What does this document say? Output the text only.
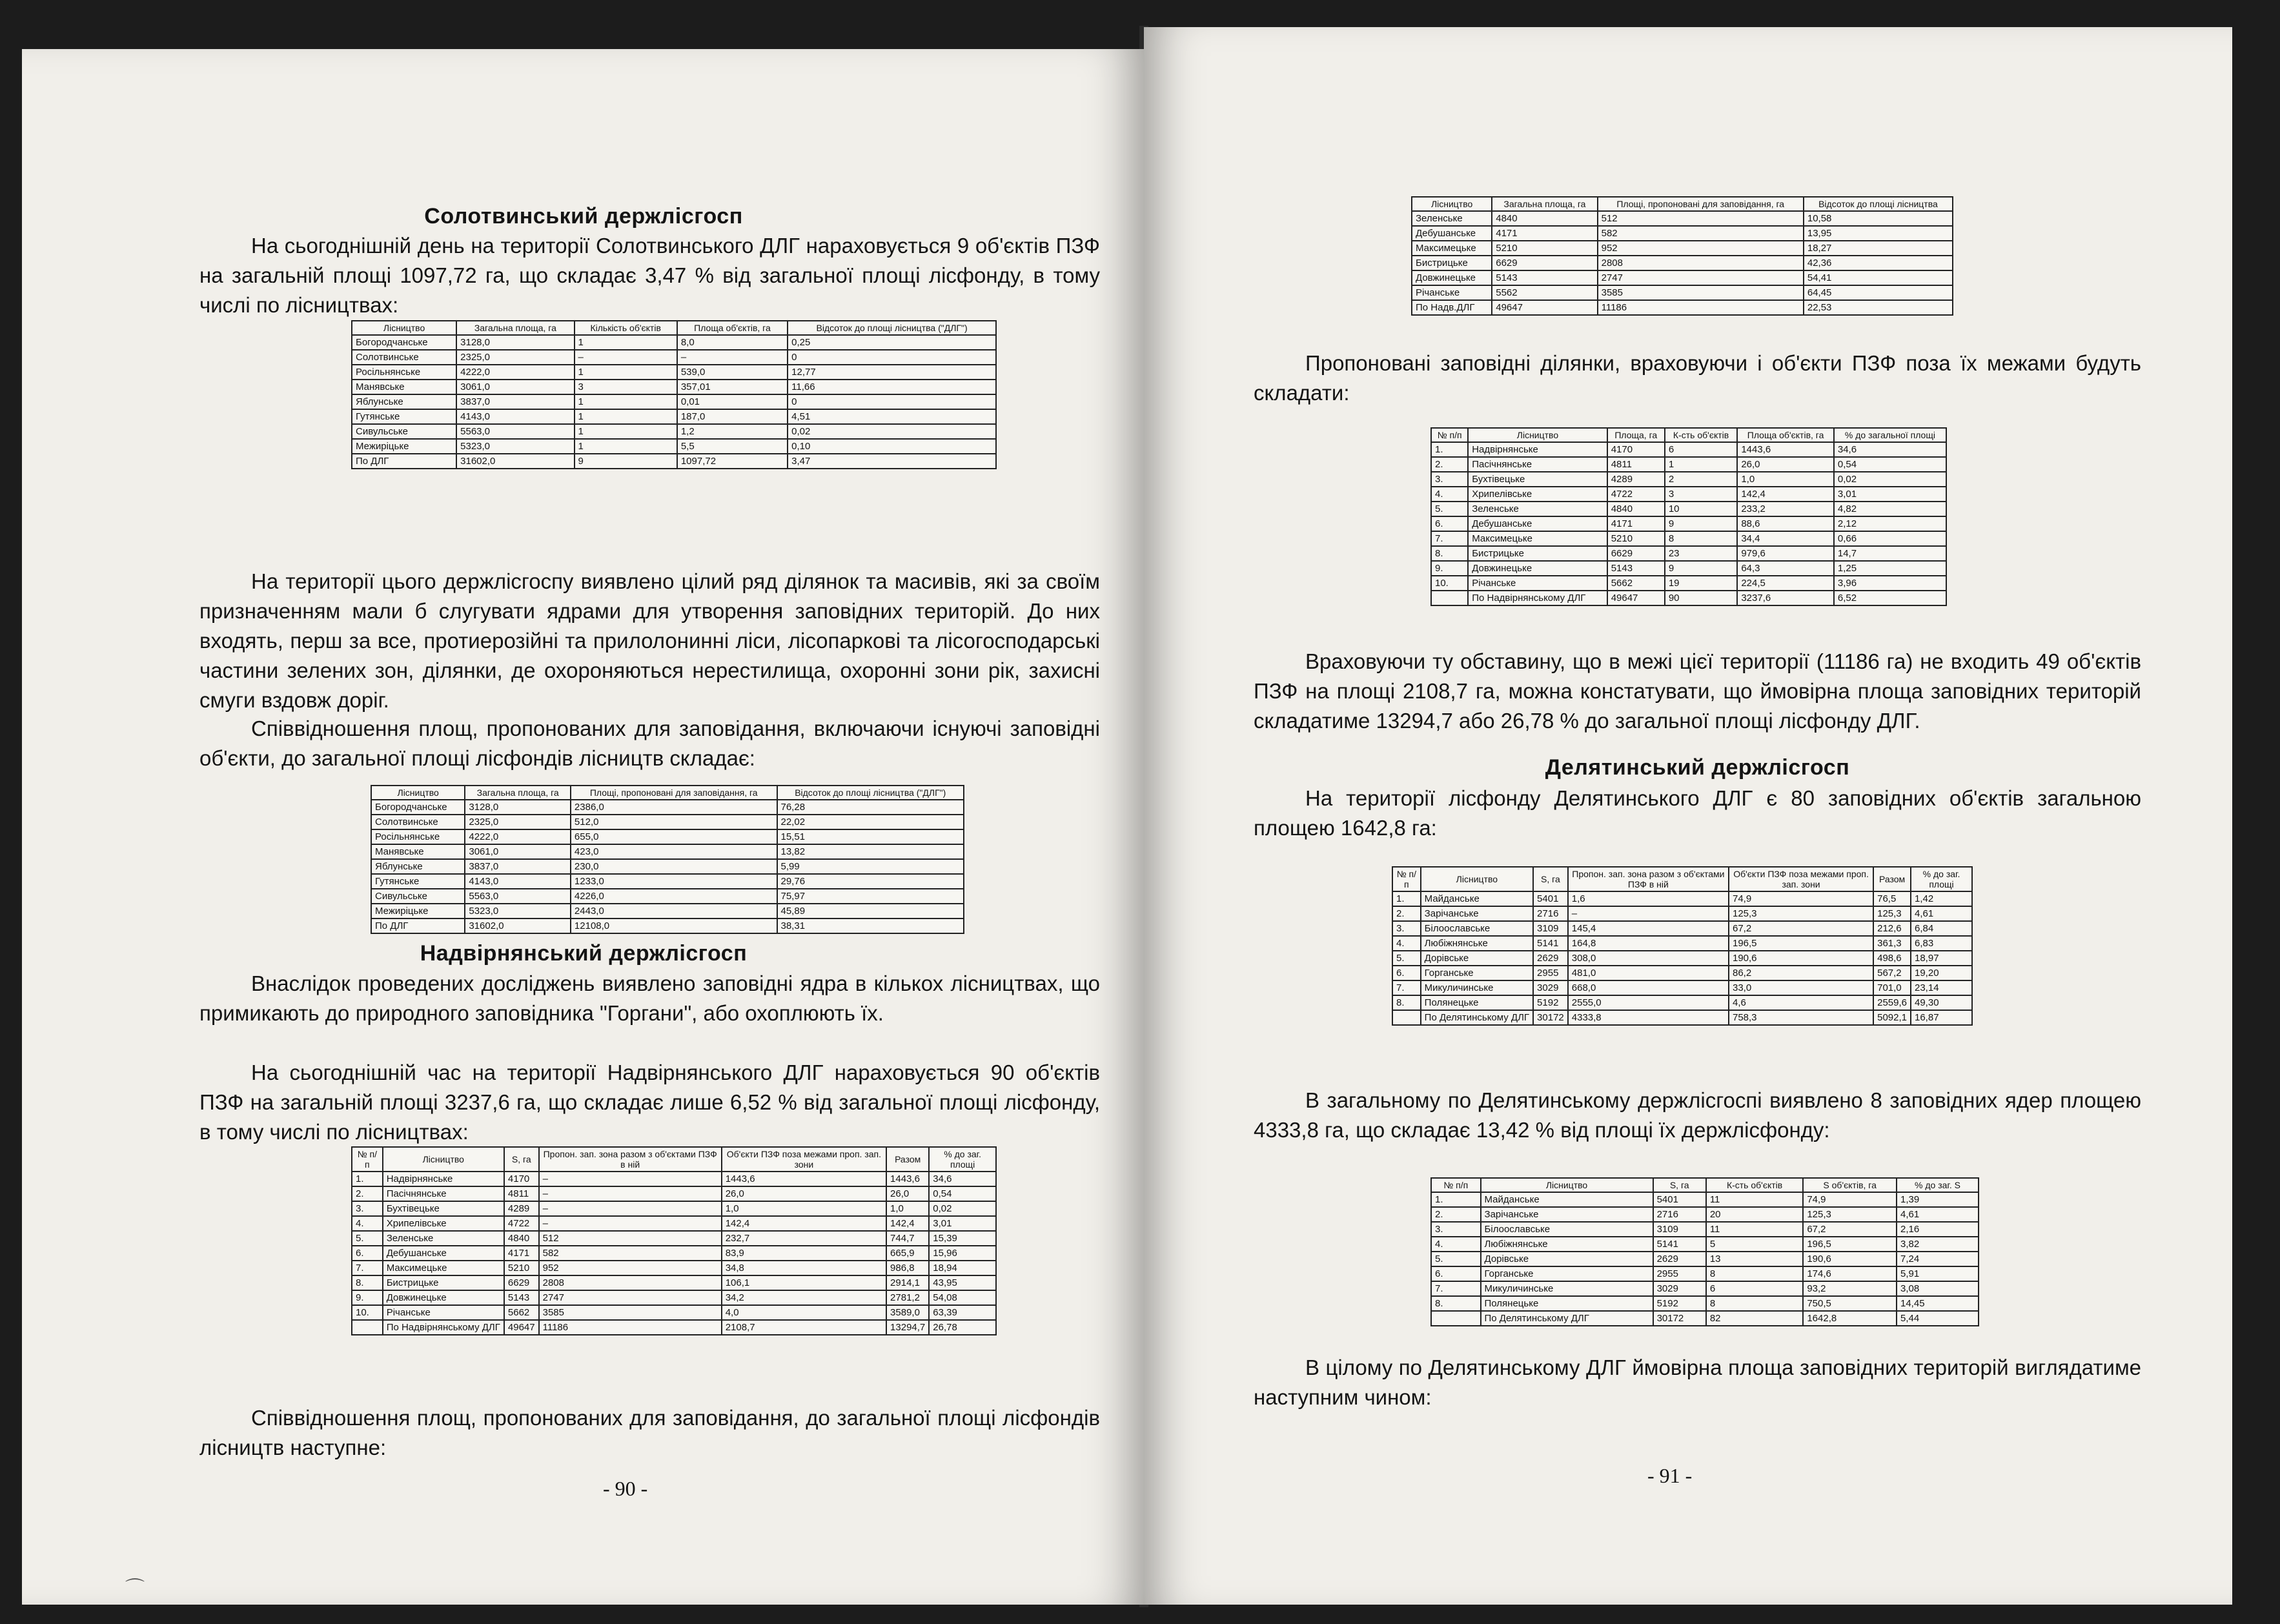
Солотвинський держлісгосп

На сьогоднішній день на території Солотвинського ДЛГ нараховується 9 об'єктів ПЗФ на загальній площі 1097,72 га, що складає 3,47 % від загальної площі лісфонду, в тому числі по лісництвах:

Лісництво	Загальна площа, га	Кількість об'єктів	Площа об'єктів, га	Відсоток до площі лісництва ("ДЛГ")
Богородчанське	3128,0	1	8,0	0,25
Солотвинське	2325,0	–	–	0
Росільнянське	4222,0	1	539,0	12,77
Манявське	3061,0	3	357,01	11,66
Яблунське	3837,0	1	0,01	0
Гутянське	4143,0	1	187,0	4,51
Сивульське	5563,0	1	1,2	0,02
Межирiцьке	5323,0	1	5,5	0,10
По ДЛГ	31602,0	9	1097,72	3,47

На території цього держлісгоспу виявлено цілий ряд ділянок та масивів, які за своїм призначенням мали б слугувати ядрами для утворення заповідних територій. До них входять, перш за все, протиерозійні та прилолонинні ліси, лісопаркові та лісогосподарські частини зелених зон, ділянки, де охороняються нерестилища, охоронні зони рік, захисні смуги вздовж доріг.

Співвідношення площ, пропонованих для заповідання, включаючи існуючі заповідні об'єкти, до загальної площі лісфондів лісництв складає:

Лісництво	Загальна площа, га	Площі, пропоновані для заповідання, га	Відсоток до площі лісництва ("ДЛГ")
Богородчанське	3128,0	2386,0	76,28
Солотвинське	2325,0	512,0	22,02
Росільнянське	4222,0	655,0	15,51
Манявське	3061,0	423,0	13,82
Яблунське	3837,0	230,0	5,99
Гутянське	4143,0	1233,0	29,76
Сивульське	5563,0	4226,0	75,97
Межирiцьке	5323,0	2443,0	45,89
По ДЛГ	31602,0	12108,0	38,31
Надвірнянський держлісгосп

Внаслідок проведених досліджень виявлено заповідні ядра в кількох лісництвах, що примикають до природного заповідника "Горгани", або охоплюють їх.

На сьогоднішній час на території Надвірнянського ДЛГ нараховується 90 об'єктів ПЗФ на загальній площі 3237,6 га, що складає лише 6,52 % від загальної площі лісфонду, в тому числі по лісництвах:

№ п/п	Лісництво	S, га	Пропон. зап. зона разом з об'єктами ПЗФ в ній	Об'єкти ПЗФ поза межами проп. зап. зони	Разом	% до заг. площі
1.	Надвірнянське	4170	–	1443,6	1443,6	34,6
2.	Пасічнянське	4811	–	26,0	26,0	0,54
3.	Бухтівецьке	4289	–	1,0	1,0	0,02
4.	Хрипелівське	4722	–	142,4	142,4	3,01
5.	Зеленське	4840	512	232,7	744,7	15,39
6.	Дебушанське	4171	582	83,9	665,9	15,96
7.	Максимецьке	5210	952	34,8	986,8	18,94
8.	Бистрицьке	6629	2808	106,1	2914,1	43,95
9.	Довжинецьке	5143	2747	34,2	2781,2	54,08
10.	Річанське	5662	3585	4,0	3589,0	63,39
	По Надвірнянському ДЛГ	49647	11186	2108,7	13294,7	26,78

Співвідношення площ, пропонованих для заповідання, до загальної площі лісфондів лісництв наступне:

- 90 -
⌒
Лісництво	Загальна площа, га	Площі, пропоновані для заповідання, га	Відсоток до площі лісництва
Зеленське	4840	512	10,58
Дебушанське	4171	582	13,95
Максимецьке	5210	952	18,27
Бистрицьке	6629	2808	42,36
Довжинецьке	5143	2747	54,41
Річанське	5562	3585	64,45
По Надв.ДЛГ	49647	11186	22,53

Пропоновані заповідні ділянки, враховуючи і об'єкти ПЗФ поза їх межами будуть складати:

№ п/п	Лісництво	Площа, га	К-сть об'єктів	Площа об'єктів, га	% до загальної площі
1.	Надвірнянське	4170	6	1443,6	34,6
2.	Пасічнянське	4811	1	26,0	0,54
3.	Бухтівецьке	4289	2	1,0	0,02
4.	Хрипелівське	4722	3	142,4	3,01
5.	Зеленське	4840	10	233,2	4,82
6.	Дебушанське	4171	9	88,6	2,12
7.	Максимецьке	5210	8	34,4	0,66
8.	Бистрицьке	6629	23	979,6	14,7
9.	Довжинецьке	5143	9	64,3	1,25
10.	Річанське	5662	19	224,5	3,96
	По Надвірнянському ДЛГ	49647	90	3237,6	6,52

Враховуючи ту обставину, що в межі цієї території (11186 га) не входить 49 об'єктів ПЗФ на площі 2108,7 га, можна констатувати, що ймовірна площа заповідних територій складатиме 13294,7 або 26,78 % до загальної площі лісфонду ДЛГ.

Делятинський держлісгосп

На території лісфонду Делятинського ДЛГ є 80 заповідних об'єктів загальною площею 1642,8 га:

№ п/п	Лісництво	S, га	Пропон. зап. зона разом з об'єктами ПЗФ в ній	Об'єкти ПЗФ поза межами проп. зап. зони	Разом	% до заг. площі
1.	Майданське	5401	1,6	74,9	76,5	1,42
2.	Зарічанське	2716	–	125,3	125,3	4,61
3.	Білоославське	3109	145,4	67,2	212,6	6,84
4.	Любіжнянське	5141	164,8	196,5	361,3	6,83
5.	Дорівське	2629	308,0	190,6	498,6	18,97
6.	Горганське	2955	481,0	86,2	567,2	19,20
7.	Микуличинське	3029	668,0	33,0	701,0	23,14
8.	Полянецьке	5192	2555,0	4,6	2559,6	49,30
	По Делятинському ДЛГ	30172	4333,8	758,3	5092,1	16,87

В загальному по Делятинському держлісгоспі виявлено 8 заповідних ядер площею 4333,8 га, що складає 13,42 % від площі їх держлісфонду:

№ п/п	Лісництво	S, га	К-сть об'єктів	S об'єктів, га	% до заг. S
1.	Майданське	5401	11	74,9	1,39
2.	Зарічанське	2716	20	125,3	4,61
3.	Білоославське	3109	11	67,2	2,16
4.	Любіжнянське	5141	5	196,5	3,82
5.	Дорівське	2629	13	190,6	7,24
6.	Горганське	2955	8	174,6	5,91
7.	Микуличинське	3029	6	93,2	3,08
8.	Полянецьке	5192	8	750,5	14,45
	По Делятинському ДЛГ	30172	82	1642,8	5,44

В цілому по Делятинському ДЛГ ймовірна площа заповідних територій виглядатиме наступним чином:

- 91 -
